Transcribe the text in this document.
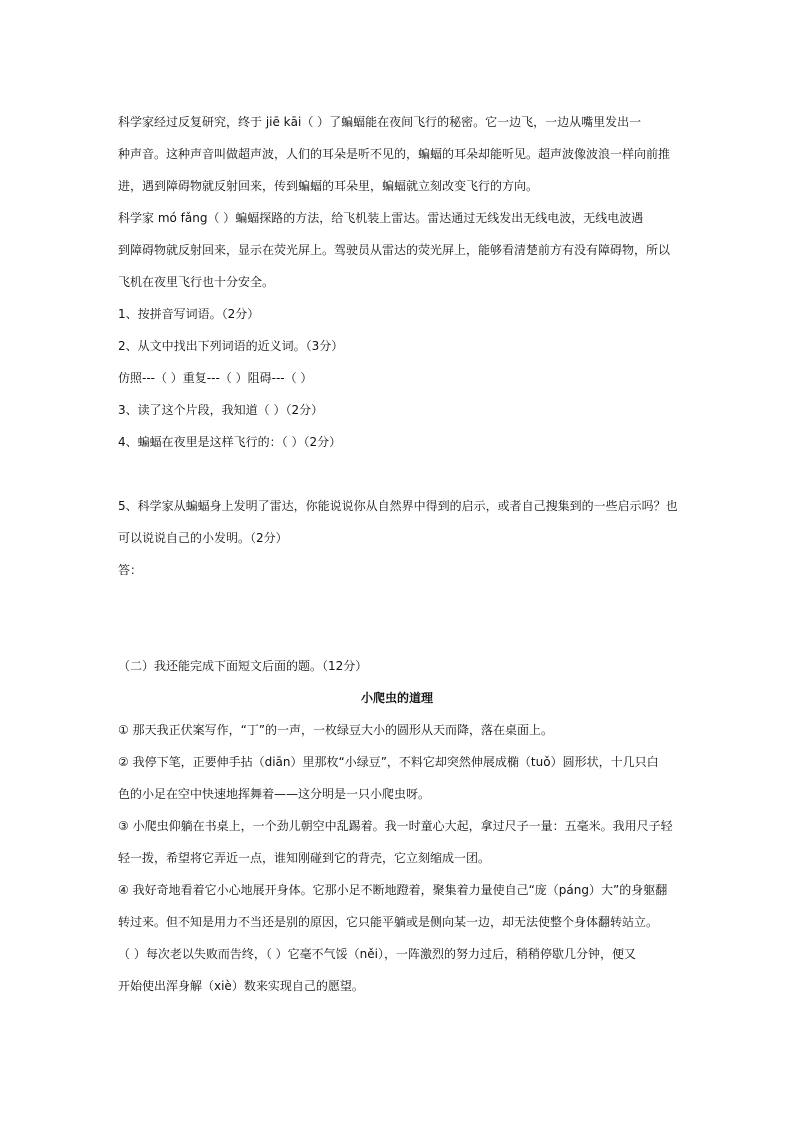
科学家经过反复研究，终于 jiē kāi（ ）了蝙蝠能在夜间飞行的秘密。它一边飞，一边从嘴里发出一
种声音。这种声音叫做超声波，人们的耳朵是听不见的，蝙蝠的耳朵却能听见。超声波像波浪一样向前推
进，遇到障碍物就反射回来，传到蝙蝠的耳朵里，蝙蝠就立刻改变飞行的方向。
科学家 mó fǎng（ ）蝙蝠探路的方法，给飞机装上雷达。雷达通过无线发出无线电波，无线电波遇
到障碍物就反射回来，显示在荧光屏上。驾驶员从雷达的荧光屏上，能够看清楚前方有没有障碍物，所以
飞机在夜里飞行也十分安全。
1、按拼音写词语。（2分）
2、从文中找出下列词语的近义词。（3分）
仿照---（ ）重复---（ ）阻碍---（ ）
3、读了这个片段，我知道（ ）（2分）
4、蝙蝠在夜里是这样飞行的：（ ）（2分）
5、科学家从蝙蝠身上发明了雷达，你能说说你从自然界中得到的启示，或者自己搜集到的一些启示吗？也
可以说说自己的小发明。（2分）
答：
（二）我还能完成下面短文后面的题。（12分）
小爬虫的道理
① 那天我正伏案写作，“丁”的一声，一枚绿豆大小的圆形从天而降，落在桌面上。
② 我停下笔，正要伸手拈（diān）里那枚“小绿豆”，不料它却突然伸展成椭（tuǒ）圆形状，十几只白
色的小足在空中快速地挥舞着——这分明是一只小爬虫呀。
③ 小爬虫仰躺在书桌上，一个劲儿朝空中乱踢着。我一时童心大起，拿过尺子一量：五毫米。我用尺子轻
轻一拨，希望将它弄近一点，谁知刚碰到它的背壳，它立刻缩成一团。
④ 我好奇地看着它小心地展开身体。它那小足不断地蹬着，聚集着力量使自己“庞（páng）大”的身躯翻
转过来。但不知是用力不当还是别的原因，它只能平躺或是侧向某一边，却无法使整个身体翻转站立。
（ ）每次老以失败而告终，（ ）它毫不气馁（něi），一阵激烈的努力过后，稍稍停歇几分钟，便又
开始使出浑身解（xiè）数来实现自己的愿望。
